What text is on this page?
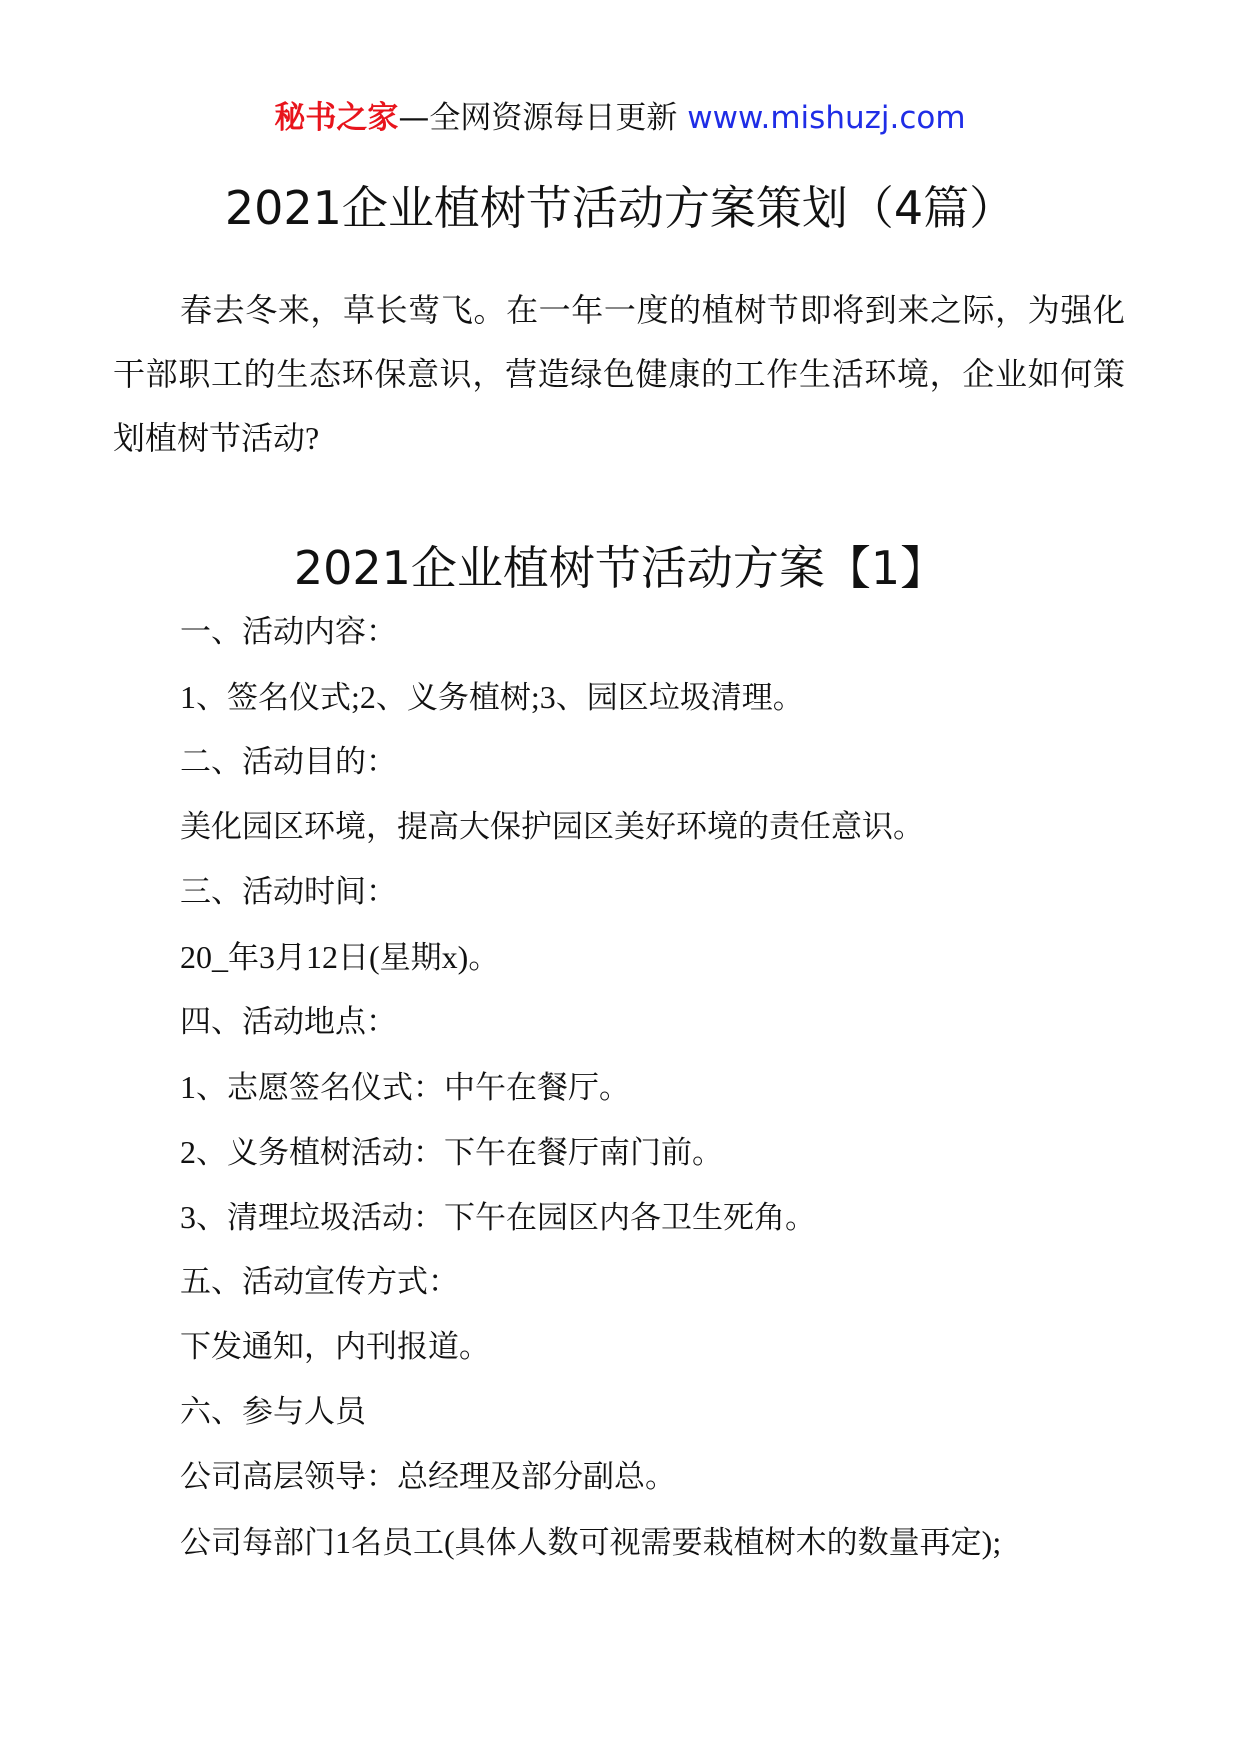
秘书之家—全网资源每日更新 www.mishuzj.com
2021企业植树节活动方案策划（4篇）
春去冬来，草长莺飞。在一年一度的植树节即将到来之际，为强化干部职工的生态环保意识，营造绿色健康的工作生活环境，企业如何策划植树节活动?
2021企业植树节活动方案【1】
一、活动内容：
1、签名仪式;2、义务植树;3、园区垃圾清理。
二、活动目的：
美化园区环境，提高大保护园区美好环境的责任意识。
三、活动时间：
20_年3月12日(星期x)。
四、活动地点：
1、志愿签名仪式：中午在餐厅。
2、义务植树活动：下午在餐厅南门前。
3、清理垃圾活动：下午在园区内各卫生死角。
五、活动宣传方式：
下发通知，内刊报道。
六、参与人员
公司高层领导：总经理及部分副总。
公司每部门1名员工(具体人数可视需要栽植树木的数量再定);
